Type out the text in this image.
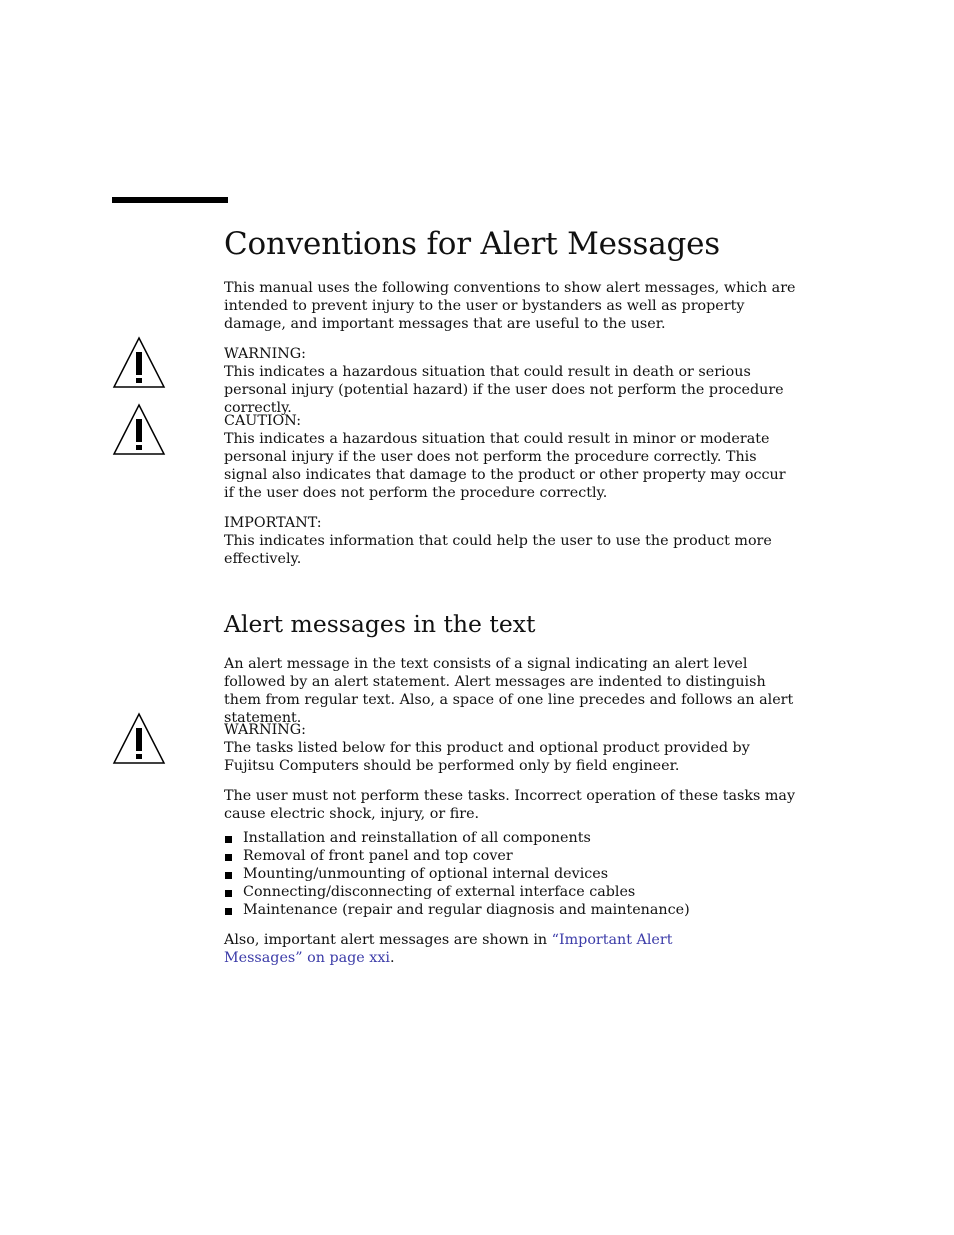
Conventions for Alert Messages

This manual uses the following conventions to show alert messages, which are intended to prevent injury to the user or bystanders as well as property damage, and important messages that are useful to the user.

WARNING:
This indicates a hazardous situation that could result in death or serious personal injury (potential hazard) if the user does not perform the procedure correctly.
CAUTION:
This indicates a hazardous situation that could result in minor or moderate personal injury if the user does not perform the procedure correctly. This signal also indicates that damage to the product or other property may occur if the user does not perform the procedure correctly.
IMPORTANT:
This indicates information that could help the user to use the product more effectively.
Alert messages in the text

An alert message in the text consists of a signal indicating an alert level followed by an alert statement. Alert messages are indented to distinguish them from regular text. Also, a space of one line precedes and follows an alert statement.

WARNING:
The tasks listed below for this product and optional product provided by Fujitsu Computers should be performed only by field engineer.

The user must not perform these tasks. Incorrect operation of these tasks may cause electric shock, injury, or fire.

Installation and reinstallation of all components
Removal of front panel and top cover
Mounting/unmounting of optional internal devices
Connecting/disconnecting of external interface cables
Maintenance (repair and regular diagnosis and maintenance)

Also, important alert messages are shown in “Important Alert Messages” on page xxi.
